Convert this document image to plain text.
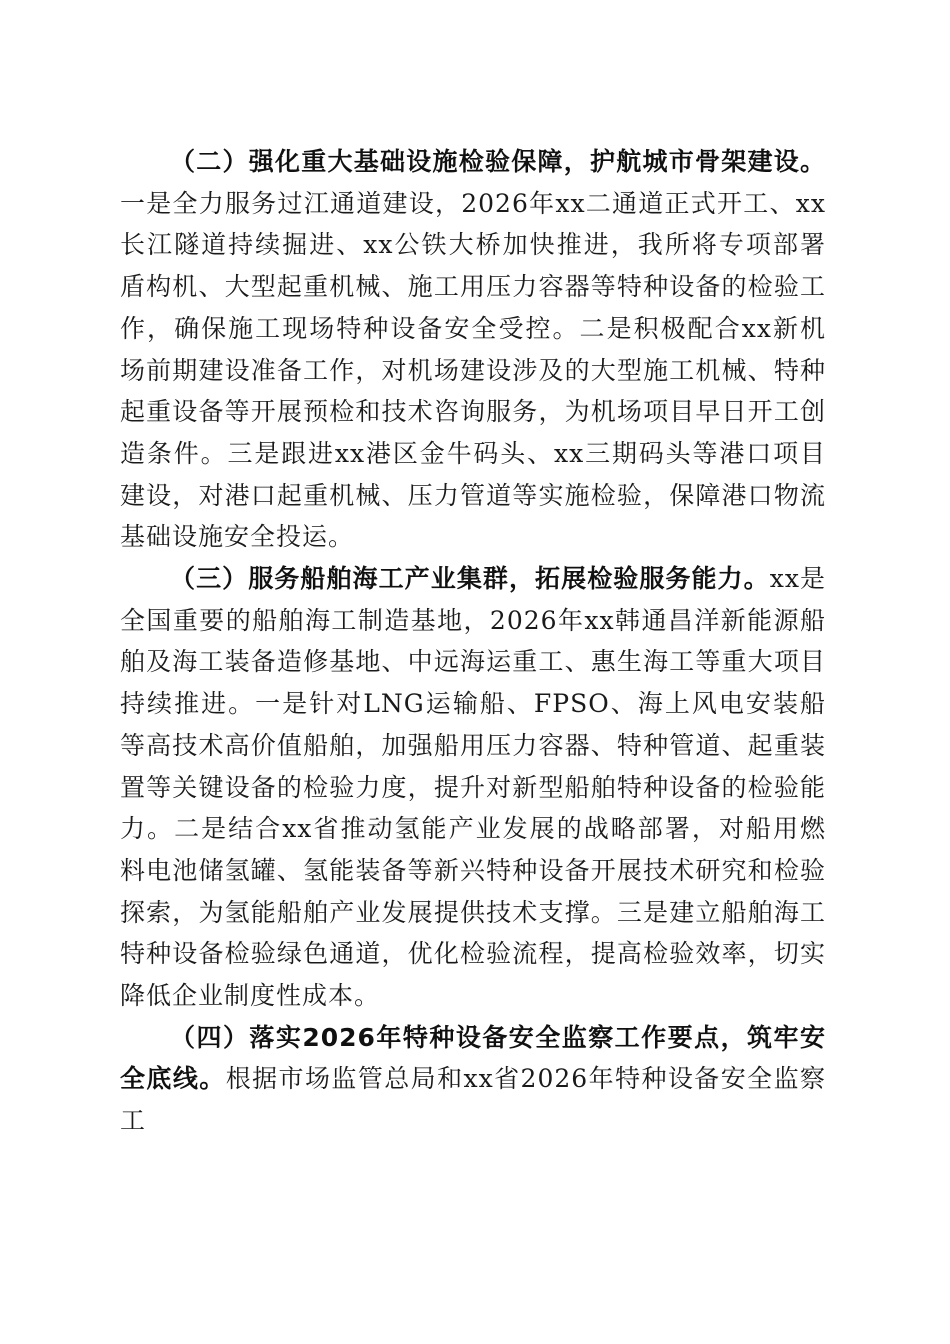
（二）强化重大基础设施检验保障，护航城市骨架建设。一是全力服务过江通道建设，2026年xx二通道正式开工、xx长江隧道持续掘进、xx公铁大桥加快推进，我所将专项部署盾构机、大型起重机械、施工用压力容器等特种设备的检验工作，确保施工现场特种设备安全受控。二是积极配合xx新机场前期建设准备工作，对机场建设涉及的大型施工机械、特种起重设备等开展预检和技术咨询服务，为机场项目早日开工创造条件。三是跟进xx港区金牛码头、xx三期码头等港口项目建设，对港口起重机械、压力管道等实施检验，保障港口物流基础设施安全投运。

（三）服务船舶海工产业集群，拓展检验服务能力。xx是全国重要的船舶海工制造基地，2026年xx韩通昌洋新能源船舶及海工装备造修基地、中远海运重工、惠生海工等重大项目持续推进。一是针对LNG运输船、FPSO、海上风电安装船等高技术高价值船舶，加强船用压力容器、特种管道、起重装置等关键设备的检验力度，提升对新型船舶特种设备的检验能力。二是结合xx省推动氢能产业发展的战略部署，对船用燃料电池储氢罐、氢能装备等新兴特种设备开展技术研究和检验探索，为氢能船舶产业发展提供技术支撑。三是建立船舶海工特种设备检验绿色通道，优化检验流程，提高检验效率，切实降低企业制度性成本。

（四）落实2026年特种设备安全监察工作要点，筑牢安全底线。根据市场监管总局和xx省2026年特种设备安全监察工
